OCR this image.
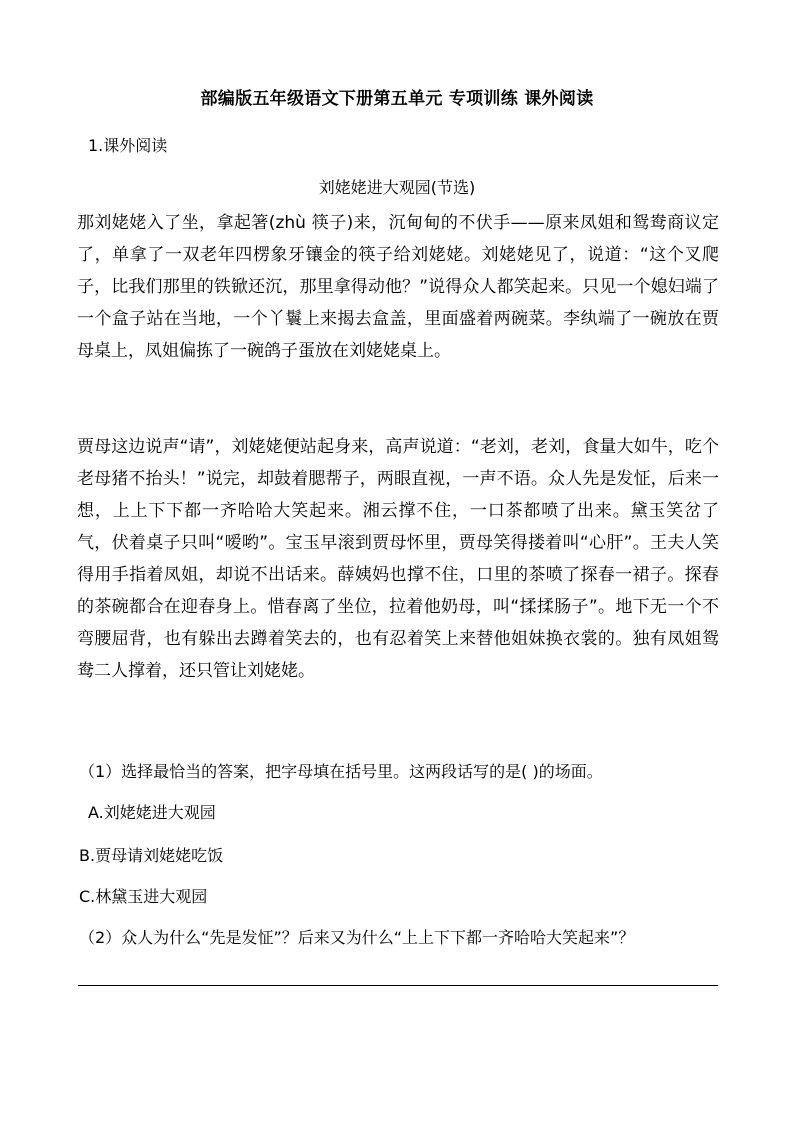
部编版五年级语文下册第五单元 专项训练 课外阅读
1.课外阅读
刘姥姥进大观园(节选)
那刘姥姥入了坐，拿起箸(zhù 筷子)来，沉甸甸的不伏手——原来凤姐和鸳鸯商议定了，单拿了一双老年四楞象牙镶金的筷子给刘姥姥。刘姥姥见了，说道：“这个叉爬子，比我们那里的铁锨还沉，那里拿得动他？”说得众人都笑起来。只见一个媳妇端了一个盒子站在当地，一个丫鬟上来揭去盒盖，里面盛着两碗菜。李纨端了一碗放在贾母桌上，凤姐偏拣了一碗鸽子蛋放在刘姥姥桌上。
贾母这边说声“请”，刘姥姥便站起身来，高声说道：“老刘，老刘，食量大如牛，吃个老母猪不抬头！”说完，却鼓着腮帮子，两眼直视，一声不语。众人先是发怔，后来一想，上上下下都一齐哈哈大笑起来。湘云撑不住，一口茶都喷了出来。黛玉笑岔了气，伏着桌子只叫“嗳哟”。宝玉早滚到贾母怀里，贾母笑得搂着叫“心肝”。王夫人笑得用手指着凤姐，却说不出话来。薛姨妈也撑不住，口里的茶喷了探春一裙子。探春的茶碗都合在迎春身上。惜春离了坐位，拉着他奶母，叫“揉揉肠子”。地下无一个不弯腰屈背，也有躲出去蹲着笑去的，也有忍着笑上来替他姐妹换衣裳的。独有凤姐鸳鸯二人撑着，还只管让刘姥姥。
（1）选择最恰当的答案，把字母填在括号里。这两段话写的是( )的场面。
A.刘姥姥进大观园
B.贾母请刘姥姥吃饭
C.林黛玉进大观园
（2）众人为什么“先是发怔”？后来又为什么“上上下下都一齐哈哈大笑起来”？
